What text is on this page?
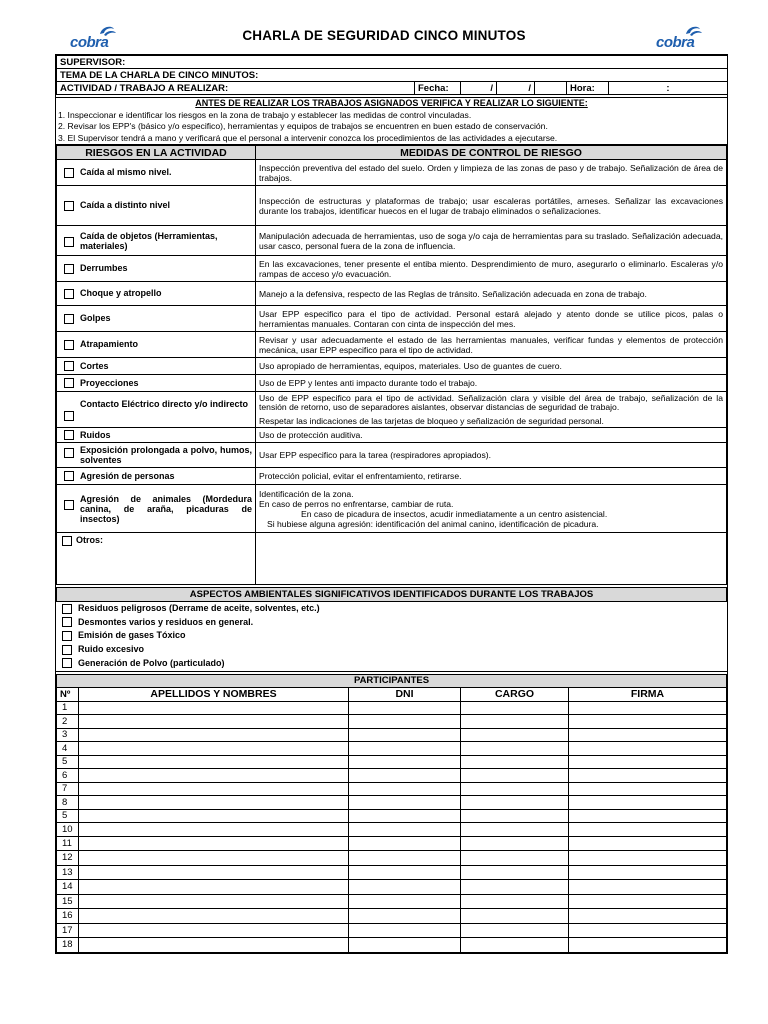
cobra	cobra
CHARLA DE SEGURIDAD CINCO MINUTOS
SUPERVISOR:
TEMA DE LA CHARLA DE CINCO MINUTOS:
ACTIVIDAD / TRABAJO A REALIZAR:	Fecha:	/	/		Hora:	:
ANTES DE REALIZAR LOS TRABAJOS ASIGNADOS VERIFICA Y REALIZAR LO SIGUIENTE:
1. Inspeccionar e identificar los riesgos en la zona de trabajo y establecer las medidas de control vinculadas.
2. Revisar los EPP's (básico y/o especifico), herramientas y equipos de trabajos se encuentren en buen estado de conservación.
3. El Supervisor tendrá a mano y verificará que el personal a intervenir conozca los procedimientos de las actividades a ejecutarse.
RIESGOS EN LA ACTIVIDAD	MEDIDAS DE CONTROL DE RIESGO
Caída al mismo nivel.	Inspección preventiva del estado del suelo. Orden y limpieza de las zonas de paso y de trabajo. Señalización de área de trabajos.
Caída a distinto nivel	Inspección de estructuras y plataformas de trabajo; usar escaleras portátiles, arneses. Señalizar las excavaciones durante los trabajos, identificar huecos en el lugar de trabajo eliminados o señalizaciones.

Caída de objetos (Herramientas, materiales)	Manipulación adecuada de herramientas, uso de soga y/o caja de herramientas para su traslado. Señalización adecuada, usar casco, personal fuera de la zona de influencia.
Derrumbes	En las excavaciones, tener presente el entiba miento. Desprendimiento de muro, asegurarlo o eliminarlo. Escaleras y/o rampas de acceso y/o evacuación.
Choque y atropello	Manejo a la defensiva, respecto de las Reglas de tránsito. Señalización adecuada en zona de trabajo.
Golpes	Usar EPP especifico para el tipo de actividad. Personal estará alejado y atento donde se utilice picos, palas o herramientas manuales. Contaran con cinta de inspección del mes.
Atrapamiento	Revisar y usar adecuadamente el estado de las herramientas manuales, verificar fundas y elementos de protección mecánica, usar EPP especifico para el tipo de actividad.
Cortes	Uso apropiado de herramientas, equipos, materiales. Uso de guantes de cuero.
Proyecciones	Uso de EPP y lentes anti impacto durante todo el trabajo.

Contacto Eléctrico directo y/o indirecto	Uso de EPP especifico para el tipo de actividad. Señalización clara y visible del área de trabajo, señalización de la tensión de retorno, uso de separadores aislantes, observar distancias de seguridad de trabajo.
Respetar las indicaciones de las tarjetas de bloqueo y señalización de seguridad personal.

Ruidos	Uso de protección auditiva.

Exposición prolongada a polvo, humos, solventes	Usar EPP especifico para la tarea (respiradores apropiados).
Agresión de personas	Protección policial, evitar el enfrentamiento, retirarse.

Agresión de animales (Mordedura canina, de araña, picaduras de insectos)	Identificación de la zona.
En caso de perros no enfrentarse, cambiar de ruta.
En caso de picadura de insectos, acudir inmediatamente a un centro asistencial.
Si hubiese alguna agresión: identificación del animal canino, identificación de picadura.

Otros:	
ASPECTOS AMBIENTALES SIGNIFICATIVOS IDENTIFICADOS DURANTE LOS TRABAJOS
Residuos peligrosos (Derrame de aceite, solventes, etc.)
Desmontes varios y residuos en general.
Emisión de gases Tóxico
Ruido excesivo
Generación de Polvo (particulado)
PARTICIPANTES				
Nº	APELLIDOS Y NOMBRES	DNI	CARGO	FIRMA
1				
2				
3				
4				
5				
6				
7				
8				
5				
10				
11				
12				
13				
14				
15				
16				
17				
18				
